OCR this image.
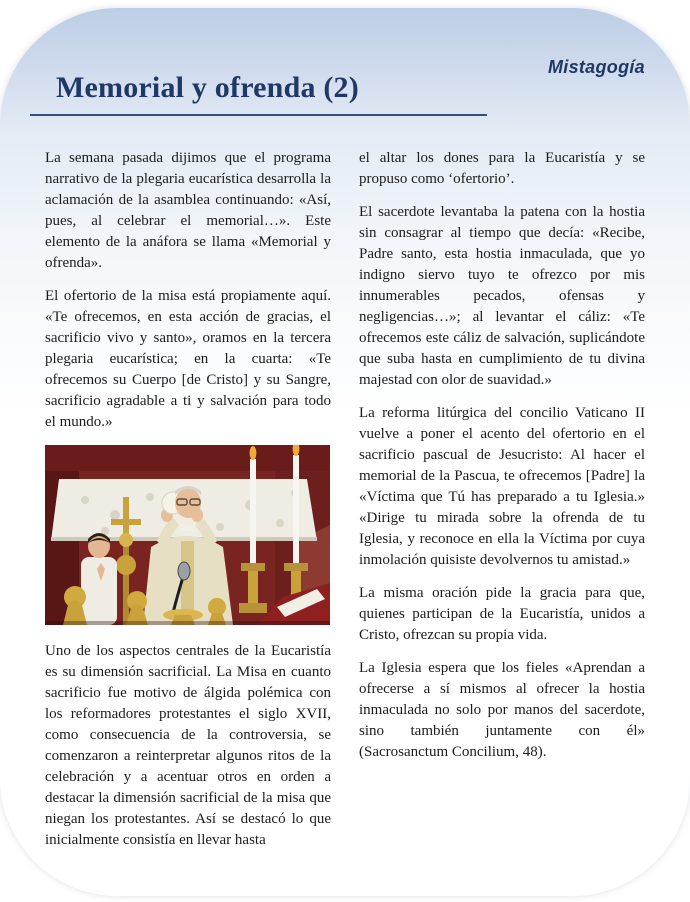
Mistagogía
Memorial y ofrenda (2)

La semana pasada dijimos que el programa narrativo de la plegaria eucarística desarrolla la aclamación de la asamblea continuando: «Así, pues, al celebrar el memorial…». Este elemento de la anáfora se llama «Memorial y ofrenda».

El ofertorio de la misa está propiamente aquí. «Te ofrecemos, en esta acción de gracias, el sacrificio vivo y santo», oramos en la tercera plegaria eucarística; en la cuarta: «Te ofrecemos su Cuerpo [de Cristo] y su Sangre, sacrificio agradable a ti y salvación para todo el mundo.»

Uno de los aspectos centrales de la Eucaristía es su dimensión sacrificial. La Misa en cuanto sacrificio fue motivo de álgida polémica con los reformadores protestantes el siglo XVII, como consecuencia de la controversia, se comenzaron a reinterpretar algunos ritos de la celebración y a acentuar otros en orden a destacar la dimensión sacrificial de la misa que niegan los protestantes. Así se destacó lo que inicialmente consistía en llevar hasta

el altar los dones para la Eucaristía y se propuso como ‘ofertorio’.

El sacerdote levantaba la patena con la hostia sin consagrar al tiempo que decía: «Recibe, Padre santo, esta hostia inmaculada, que yo indigno siervo tuyo te ofrezco por mis innumerables pecados, ofensas y negligencias…»; al levantar el cáliz: «Te ofrecemos este cáliz de salvación, suplicándote que suba hasta en cumplimiento de tu divina majestad con olor de suavidad.»

La reforma litúrgica del concilio Vaticano II vuelve a poner el acento del ofertorio en el sacrificio pascual de Jesucristo: Al hacer el memorial de la Pascua, te ofrecemos [Padre] la «Víctima que Tú has preparado a tu Iglesia.» «Dirige tu mirada sobre la ofrenda de tu Iglesia, y reconoce en ella la Víctima por cuya inmolación quisiste devolvernos tu amistad.»

La misma oración pide la gracia para que, quienes participan de la Eucaristía, unidos a Cristo, ofrezcan su propia vida.

La Iglesia espera que los fieles «Aprendan a ofrecerse a sí mismos al ofrecer la hostia inmaculada no solo por manos del sacerdote, sino también juntamente con él» (Sacrosanctum Concilium, 48).
